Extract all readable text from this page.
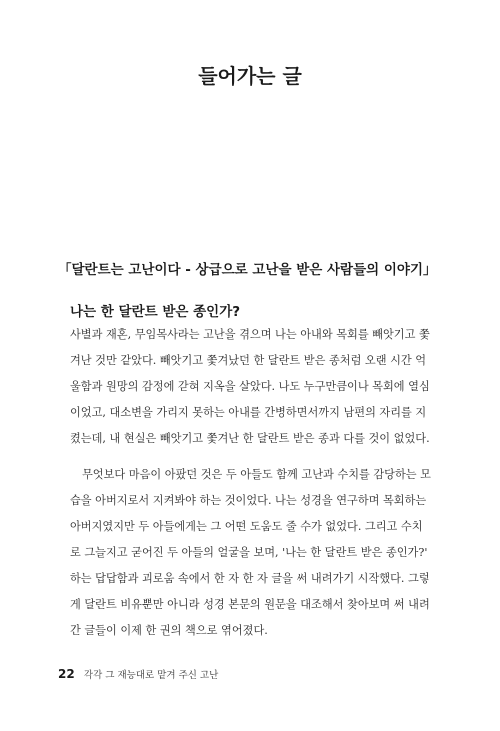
들어가는 글

「달란트는 고난이다 - 상급으로 고난을 받은 사람들의 이야기」

나는 한 달란트 받은 종인가?

사별과 재혼, 무임목사라는 고난을 겪으며 나는 아내와 목회를 빼앗기고 쫓
겨난 것만 같았다. 빼앗기고 쫓겨났던 한 달란트 받은 종처럼 오랜 시간 억
울함과 원망의 감정에 갇혀 지옥을 살았다. 나도 누구만큼이나 목회에 열심
이었고, 대소변을 가리지 못하는 아내를 간병하면서까지 남편의 자리를 지
켰는데, 내 현실은 빼앗기고 쫓겨난 한 달란트 받은 종과 다를 것이 없었다.

무엇보다 마음이 아팠던 것은 두 아들도 함께 고난과 수치를 감당하는 모
습을 아버지로서 지켜봐야 하는 것이었다. 나는 성경을 연구하며 목회하는
아버지였지만 두 아들에게는 그 어떤 도움도 줄 수가 없었다. 그리고 수치
로 그늘지고 굳어진 두 아들의 얼굴을 보며, '나는 한 달란트 받은 종인가?'
하는 답답함과 괴로움 속에서 한 자 한 자 글을 써 내려가기 시작했다. 그렇
게 달란트 비유뿐만 아니라 성경 본문의 원문을 대조해서 찾아보며 써 내려
간 글들이 이제 한 권의 책으로 엮어졌다.

22 각각 그 재능대로 맡겨 주신 고난
